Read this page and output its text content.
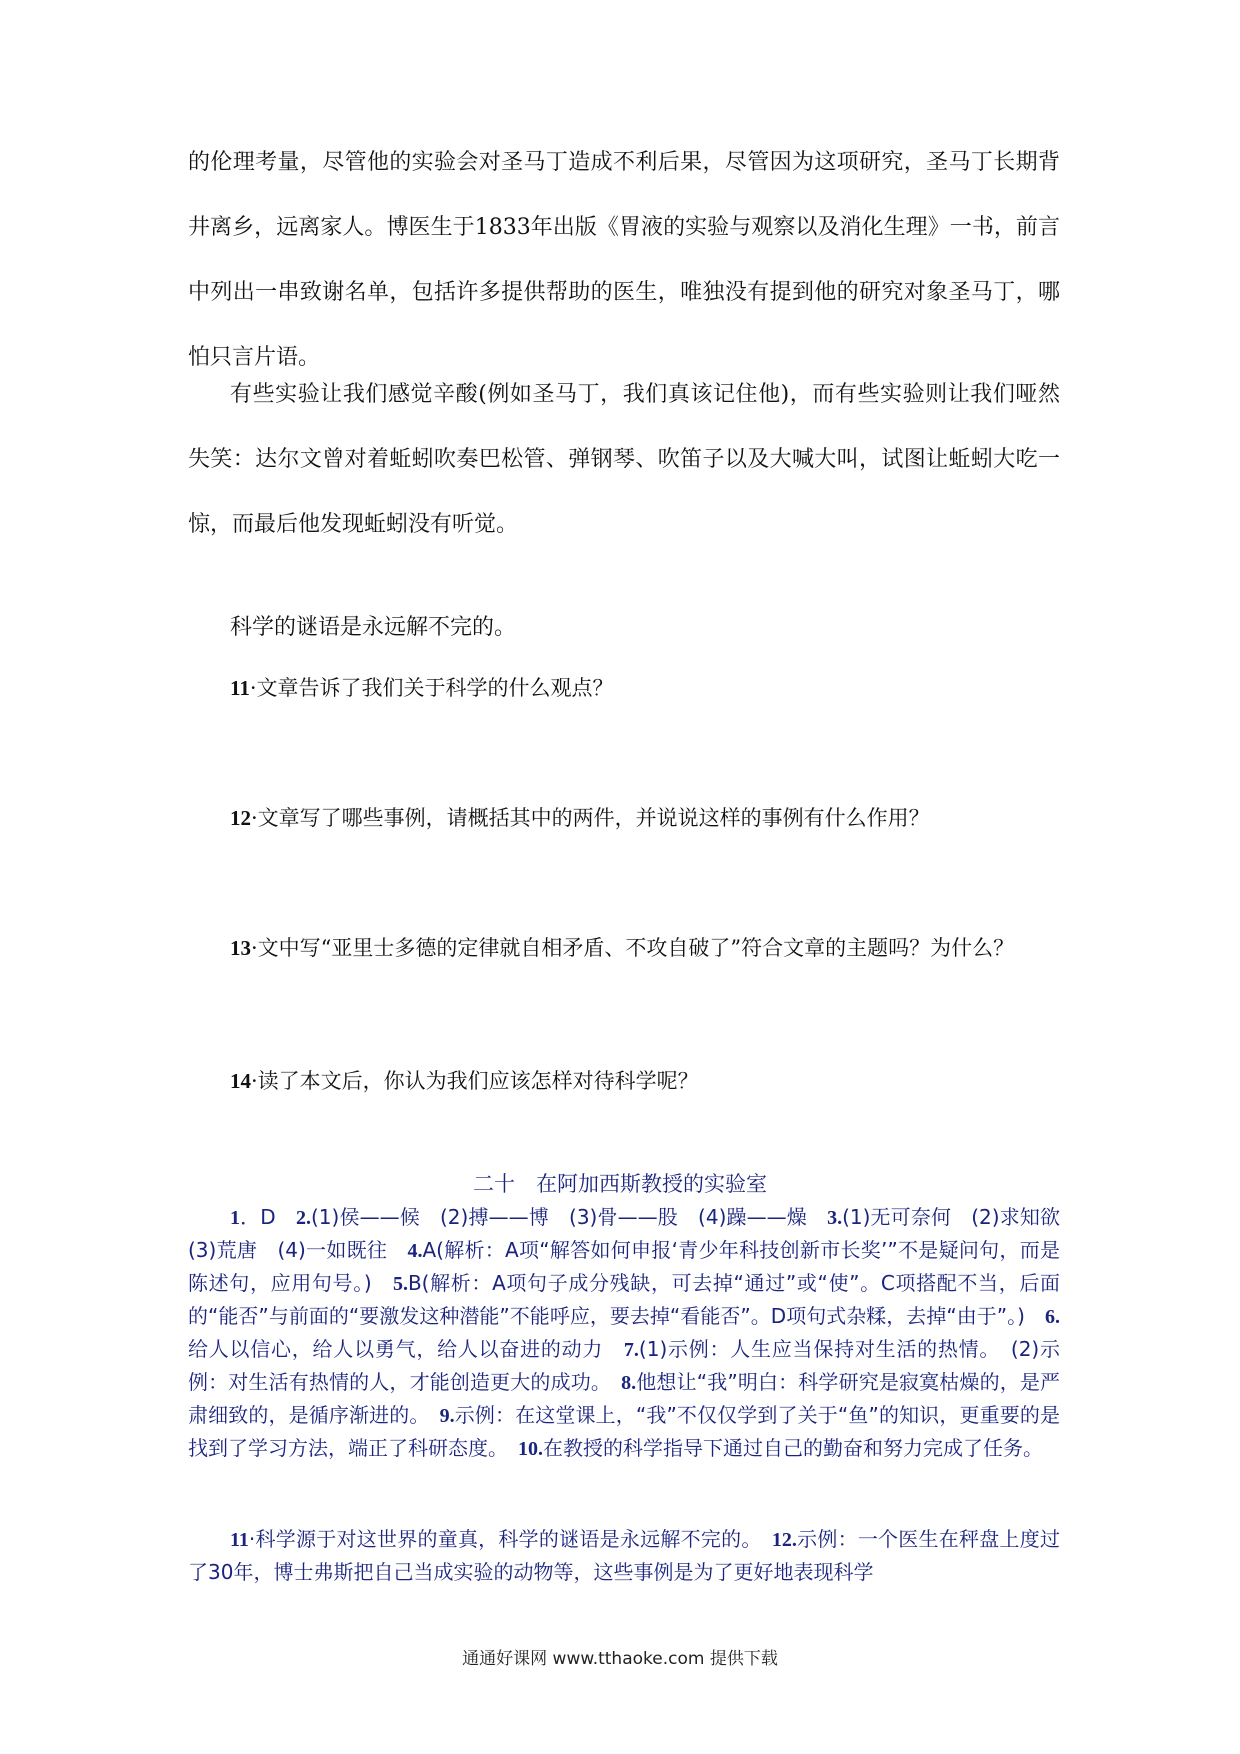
的伦理考量，尽管他的实验会对圣马丁造成不利后果，尽管因为这项研究，圣马丁长期背井离乡，远离家人。博医生于1833年出版《胃液的实验与观察以及消化生理》一书，前言中列出一串致谢名单，包括许多提供帮助的医生，唯独没有提到他的研究对象圣马丁，哪怕只言片语。

有些实验让我们感觉辛酸(例如圣马丁，我们真该记住他)，而有些实验则让我们哑然失笑：达尔文曾对着蚯蚓吹奏巴松管、弹钢琴、吹笛子以及大喊大叫，试图让蚯蚓大吃一惊，而最后他发现蚯蚓没有听觉。

科学的谜语是永远解不完的。

11·文章告诉了我们关于科学的什么观点？

12·文章写了哪些事例，请概括其中的两件，并说说这样的事例有什么作用？

13·文中写“亚里士多德的定律就自相矛盾、不攻自破了”符合文章的主题吗？为什么？

14·读了本文后，你认为我们应该怎样对待科学呢？

二十　在阿加西斯教授的实验室

1．D　2.(1)侯——候　(2)搏——博　(3)骨——股　(4)躁——燥　3.(1)无可奈何　(2)求知欲　(3)荒唐　(4)一如既往　4.A(解析：A项“解答如何申报‘青少年科技创新市长奖’”不是疑问句，而是陈述句，应用句号。)　5.B(解析：A项句子成分残缺，可去掉“通过”或“使”。C项搭配不当，后面的“能否”与前面的“要激发这种潜能”不能呼应，要去掉“看能否”。D项句式杂糅，去掉“由于”。)　6.给人以信心，给人以勇气，给人以奋进的动力　7.(1)示例：人生应当保持对生活的热情。　(2)示例：对生活有热情的人，才能创造更大的成功。　8.他想让“我”明白：科学研究是寂寞枯燥的，是严肃细致的，是循序渐进的。　9.示例：在这堂课上，“我”不仅仅学到了关于“鱼”的知识，更重要的是找到了学习方法，端正了科研态度。　10.在教授的科学指导下通过自己的勤奋和努力完成了任务。

11·科学源于对这世界的童真，科学的谜语是永远解不完的。　12.示例：一个医生在秤盘上度过了30年，博士弗斯把自己当成实验的动物等，这些事例是为了更好地表现科学

通通好课网 www.tthaoke.com 提供下载
